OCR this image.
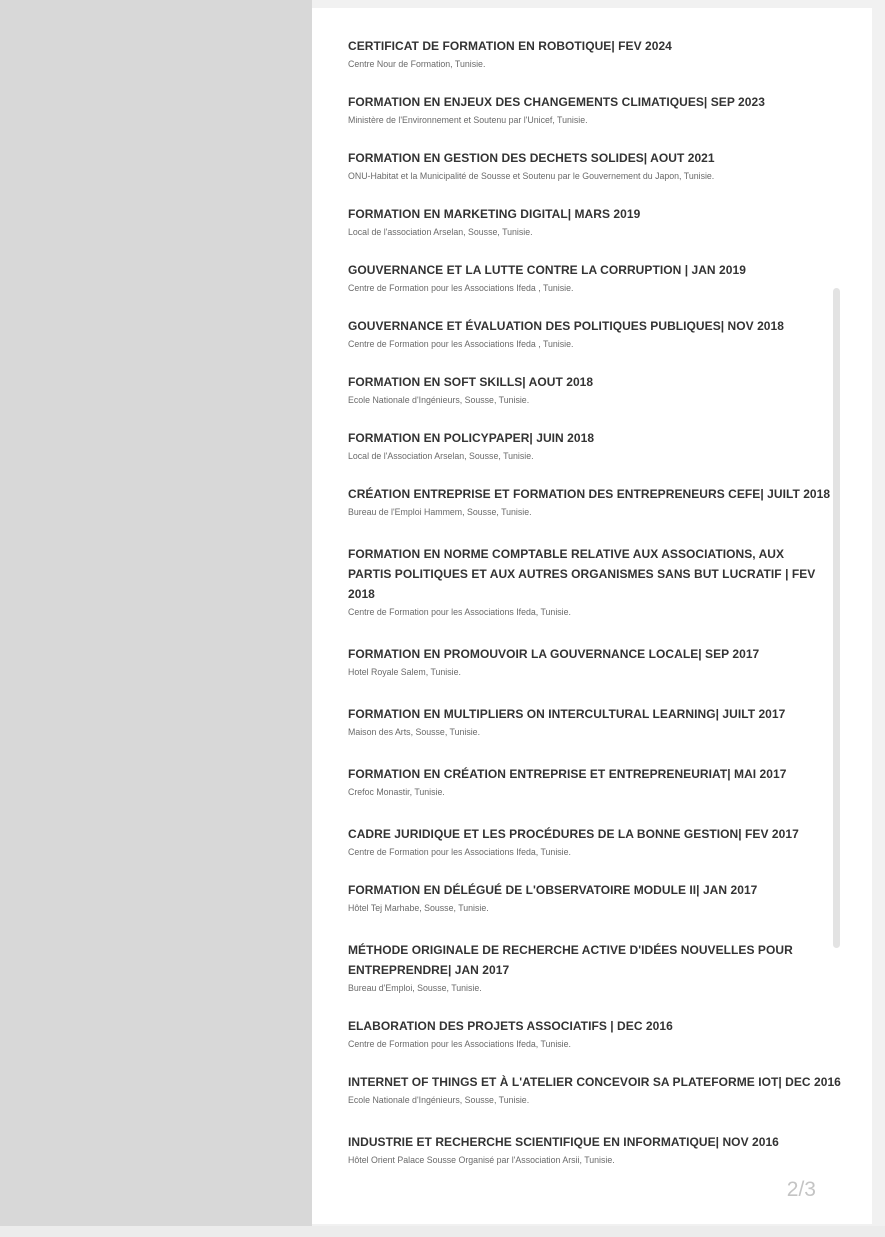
CERTIFICAT DE FORMATION EN ROBOTIQUE| FEV 2024
Centre Nour de Formation, Tunisie.
FORMATION EN ENJEUX DES CHANGEMENTS CLIMATIQUES| SEP 2023
Ministère de l'Environnement et Soutenu par l'Unicef, Tunisie.
FORMATION EN GESTION DES DECHETS SOLIDES| AOUT 2021
ONU-Habitat et la Municipalité de Sousse et Soutenu par le Gouvernement du Japon, Tunisie.
FORMATION EN MARKETING DIGITAL| MARS 2019
Local de l'association Arselan, Sousse, Tunisie.
GOUVERNANCE ET LA LUTTE CONTRE LA CORRUPTION | JAN 2019
Centre de Formation pour les Associations Ifeda , Tunisie.
GOUVERNANCE ET ÉVALUATION DES POLITIQUES PUBLIQUES| NOV 2018
Centre de Formation pour les Associations Ifeda , Tunisie.
FORMATION EN SOFT SKILLS| AOUT 2018
Ecole Nationale d'Ingénieurs, Sousse, Tunisie.
FORMATION EN POLICYPAPER| JUIN 2018
Local de l'Association Arselan, Sousse, Tunisie.
CRÉATION ENTREPRISE ET FORMATION DES ENTREPRENEURS CEFE| JUILT 2018
Bureau de l'Emploi Hammem, Sousse, Tunisie.
FORMATION EN NORME COMPTABLE RELATIVE AUX ASSOCIATIONS, AUX PARTIS POLITIQUES ET AUX AUTRES ORGANISMES SANS BUT LUCRATIF | FEV 2018
Centre de Formation pour les Associations Ifeda, Tunisie.
FORMATION EN PROMOUVOIR LA GOUVERNANCE LOCALE| SEP 2017
Hotel Royale Salem, Tunisie.
FORMATION EN MULTIPLIERS ON INTERCULTURAL LEARNING| JUILT 2017
Maison des Arts, Sousse, Tunisie.
FORMATION EN CRÉATION ENTREPRISE ET ENTREPRENEURIAT| MAI 2017
Crefoc Monastir, Tunisie.
CADRE JURIDIQUE ET LES PROCÉDURES DE LA BONNE GESTION| FEV 2017
Centre de Formation pour les Associations Ifeda, Tunisie.
FORMATION EN DÉLÉGUÉ DE L'OBSERVATOIRE MODULE II| JAN 2017
Hôtel Tej Marhabe, Sousse, Tunisie.
MÉTHODE ORIGINALE DE RECHERCHE ACTIVE D'IDÉES NOUVELLES POUR ENTREPRENDRE| JAN 2017
Bureau d'Emploi, Sousse, Tunisie.
ELABORATION DES PROJETS ASSOCIATIFS | DEC 2016
Centre de Formation pour les Associations Ifeda, Tunisie.
INTERNET OF THINGS ET À L'ATELIER CONCEVOIR SA PLATEFORME IOT| DEC 2016
Ecole Nationale d'Ingénieurs, Sousse, Tunisie.
INDUSTRIE ET RECHERCHE SCIENTIFIQUE EN INFORMATIQUE| NOV 2016
Hôtel Orient Palace Sousse Organisé par l'Association Arsii, Tunisie.
2/3
